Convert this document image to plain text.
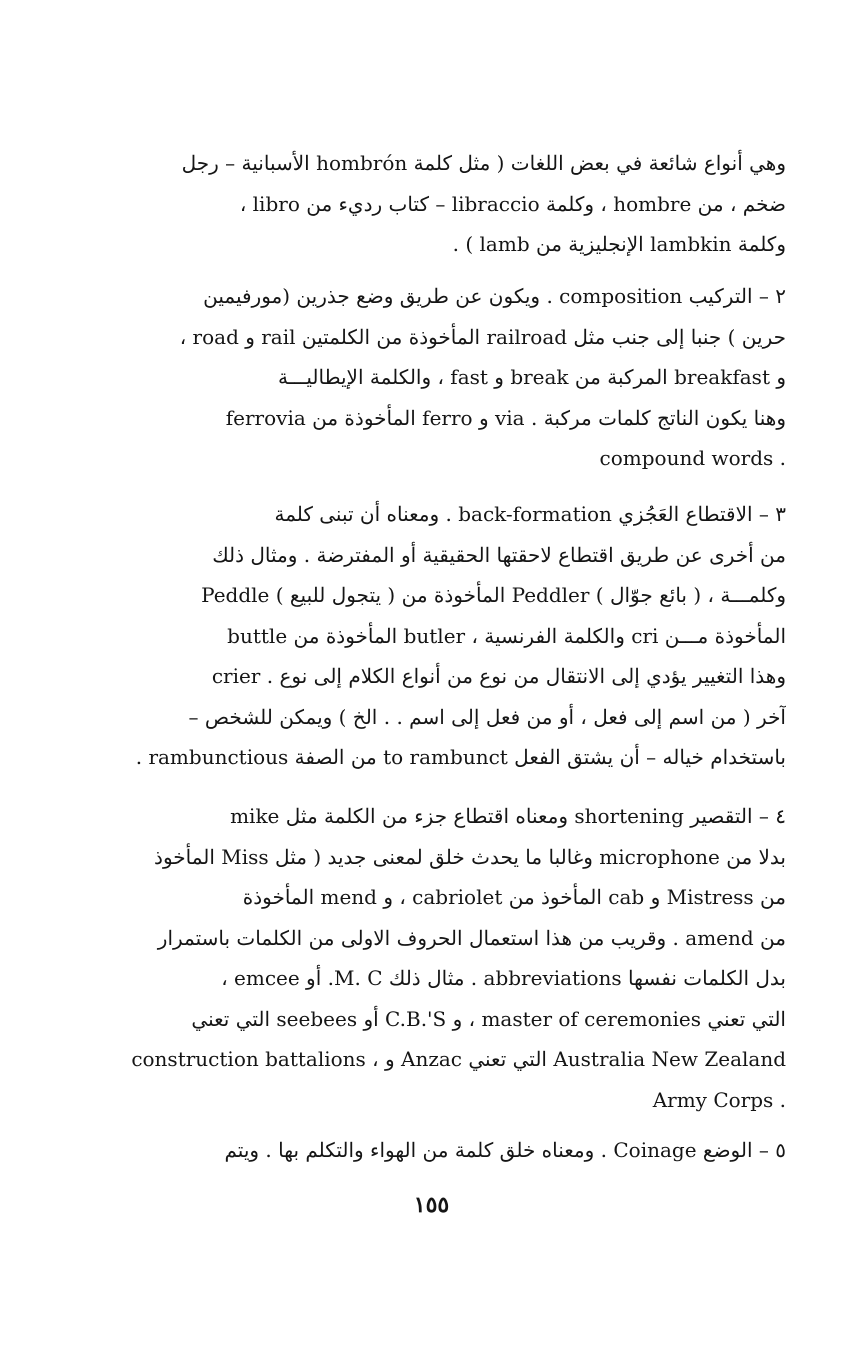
وهي أنواع شائعة في بعض اللغات ( مثل كلمة hombrón الأسبانية – رجل
ضخم ، من hombre ، وكلمة libraccio – كتاب رديء من libro ،
وكلمة lambkin الإنجليزية من lamb ) .
٢ – التركيب composition . ويكون عن طريق وضع جذرين (مورفيمين
حرين ) جنبا إلى جنب مثل railroad المأخوذة من الكلمتين rail و road ،
و breakfast المركبة من break و fast ، والكلمة الإيطاليـــة
ferrovia المأخوذة من ferro و via . وهنا يكون الناتج كلمات مركبة
compound words .
٣ – الاقتطاع العَجُزي back-formation . ومعناه أن تبنى كلمة
من أخرى عن طريق اقتطاع لاحقتها الحقيقية أو المفترضة . ومثال ذلك
Peddle ( يتجول للبيع ) المأخوذة من Peddler ( بائع جوّال ) ، وكلمـــة
buttle المأخوذة من butler ، والكلمة الفرنسية cri المأخوذة مـــن
crier . وهذا التغيير يؤدي إلى الانتقال من نوع من أنواع الكلام إلى نوع
آخر ( من اسم إلى فعل ، أو من فعل إلى اسم . . الخ ) ويمكن للشخص –
باستخدام خياله – أن يشتق الفعل to rambunct من الصفة rambunctious .
٤ – التقصير shortening ومعناه اقتطاع جزء من الكلمة مثل mike
بدلا من microphone وغالبا ما يحدث خلق لمعنى جديد ( مثل Miss المأخوذ
من Mistress و cab المأخوذ من cabriolet ، و mend المأخوذة
من amend . وقريب من هذا استعمال الحروف الاولى من الكلمات باستمرار
بدل الكلمات نفسها abbreviations . مثال ذلك M. C. أو emcee ،
التي تعني master of ceremonies ، و C.B.'S أو seebees التي تعني
construction battalions ، و Anzac التي تعني Australia New Zealand
Army Corps .
٥ – الوضع Coinage . ومعناه خلق كلمة من الهواء والتكلم بها . ويتم
١٥٥
